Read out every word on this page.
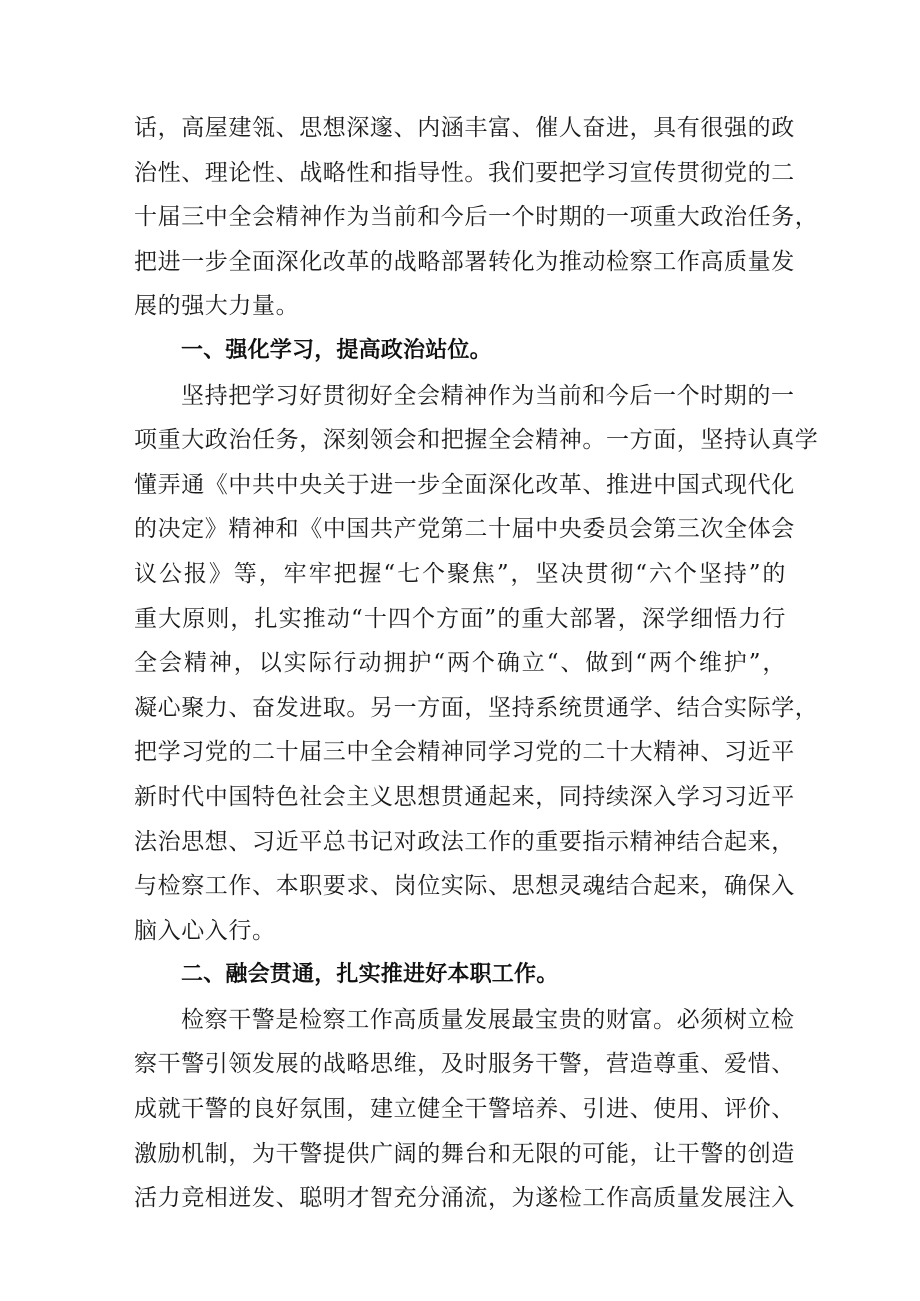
话，高屋建瓴、思想深邃、内涵丰富、催人奋进，具有很强的政
治性、理论性、战略性和指导性。我们要把学习宣传贯彻党的二
十届三中全会精神作为当前和今后一个时期的一项重大政治任务，
把进一步全面深化改革的战略部署转化为推动检察工作高质量发
展的强大力量。
一、强化学习，提高政治站位。
坚持把学习好贯彻好全会精神作为当前和今后一个时期的一
项重大政治任务，深刻领会和把握全会精神。一方面，坚持认真学
懂弄通《中共中央关于进一步全面深化改革、推进中国式现代化
的决定》精神和《中国共产党第二十届中央委员会第三次全体会
议公报》等，牢牢把握“七个聚焦”，坚决贯彻“六个坚持”的
重大原则，扎实推动“十四个方面”的重大部署，深学细悟力行
全会精神，以实际行动拥护“两个确立“、做到“两个维护”，
凝心聚力、奋发进取。另一方面，坚持系统贯通学、结合实际学，
把学习党的二十届三中全会精神同学习党的二十大精神、习近平
新时代中国特色社会主义思想贯通起来，同持续深入学习习近平
法治思想、习近平总书记对政法工作的重要指示精神结合起来，
与检察工作、本职要求、岗位实际、思想灵魂结合起来，确保入
脑入心入行。
二、融会贯通，扎实推进好本职工作。
检察干警是检察工作高质量发展最宝贵的财富。必须树立检
察干警引领发展的战略思维，及时服务干警，营造尊重、爱惜、
成就干警的良好氛围，建立健全干警培养、引进、使用、评价、
激励机制，为干警提供广阔的舞台和无限的可能，让干警的创造
活力竞相迸发、聪明才智充分涌流，为遂检工作高质量发展注入
